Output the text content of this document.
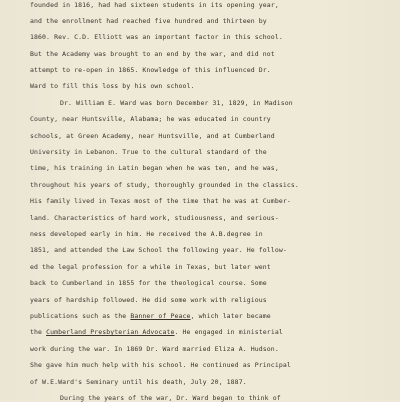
founded in 1816, had had sixteen students in its opening year,
and the enrollment had reached five hundred and thirteen by
1860. Rev. C.D. Elliott was an important factor in this school.
But the Academy was brought to an end by the war, and did not
attempt to re-open in 1865. Knowledge of this influenced Dr.
Ward to fill this loss by his own school.
Dr. William E. Ward was born December 31, 1829, in Madison
County, near Huntsville, Alabama; he was educated in country
schools, at Green Academy, near Huntsville, and at Cumberland
University in Lebanon. True to the cultural standard of the
time, his training in Latin began when he was ten, and he was,
throughout his years of study, thoroughly grounded in the classics.
His family lived in Texas most of the time that he was at Cumber-
land. Characteristics of hard work, studiousness, and serious-
ness developed early in him. He received the A.B.degree in
1851, and attended the Law School the following year. He follow-
ed the legal profession for a while in Texas, but later went
back to Cumberland in 1855 for the theological course. Some
years of hardship followed. He did some work with religious
publications such as the Banner of Peace, which later became
the Cumberland Presbyterian Advocate. He engaged in ministerial
work during the war. In 1869 Dr. Ward married Eliza A. Hudson.
She gave him much help with his school. He continued as Principal
of W.E.Ward's Seminary until his death, July 20, 1887.
During the years of the war, Dr. Ward began to think of
